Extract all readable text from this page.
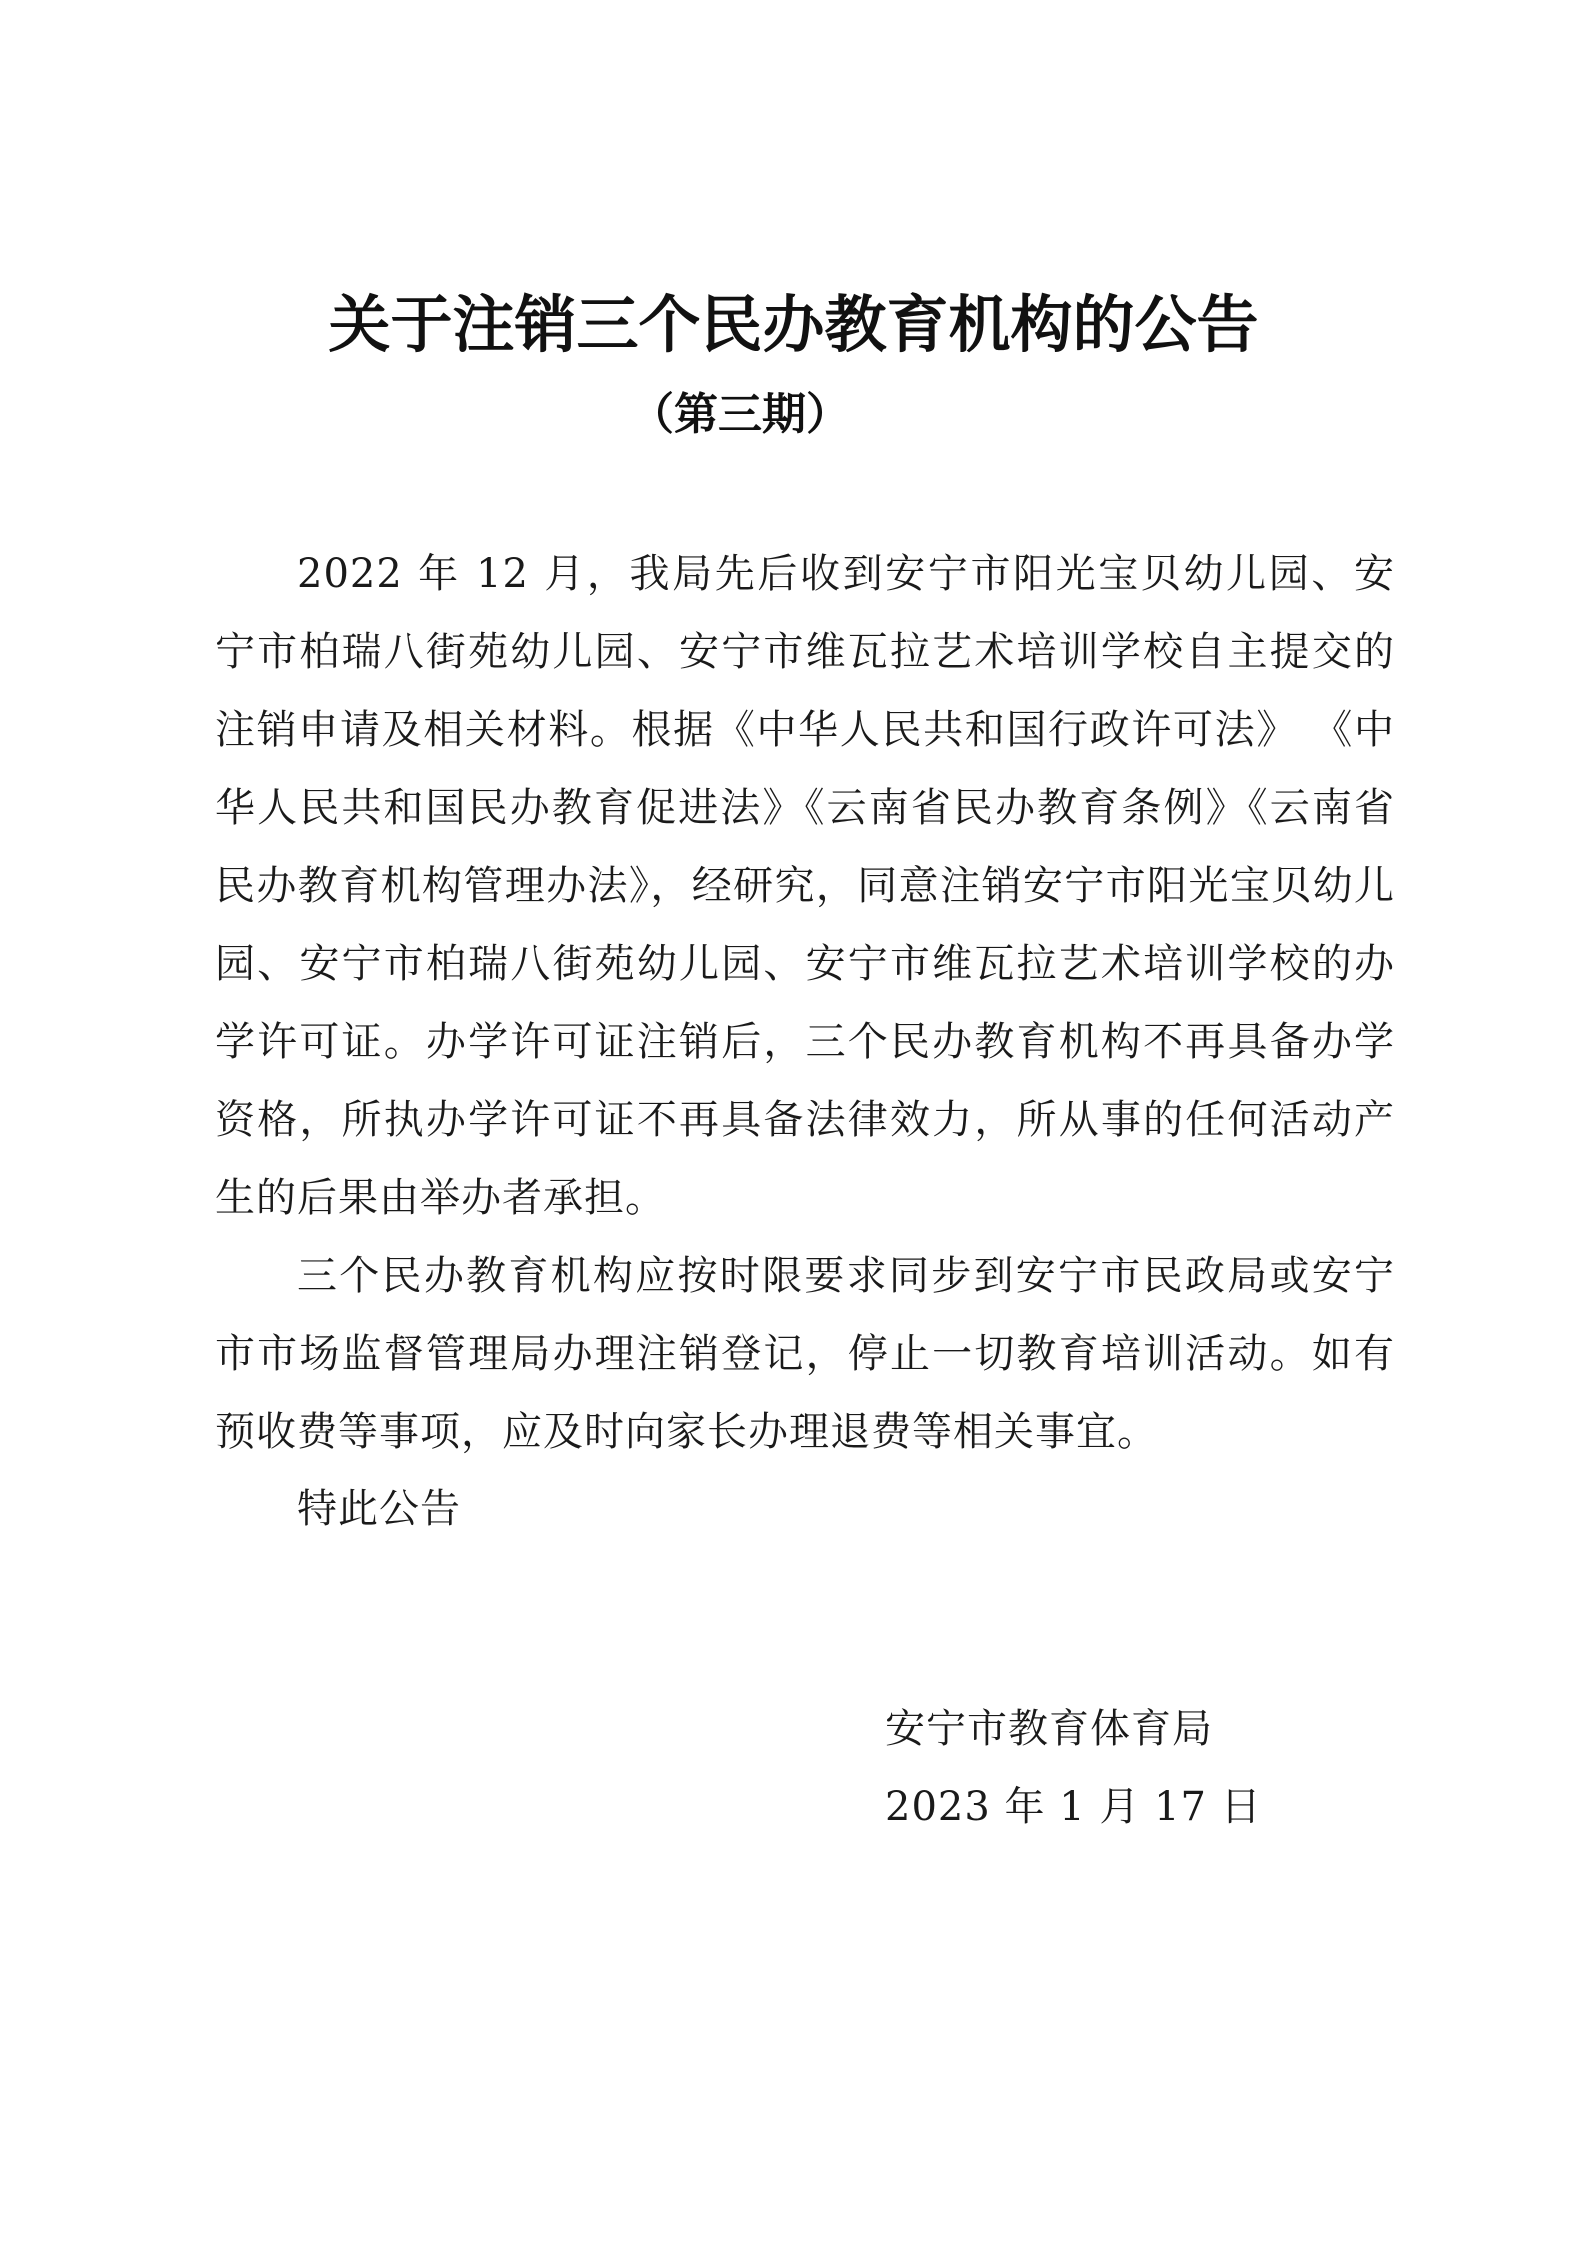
关于注销三个民办教育机构的公告
（第三期）

2022 年 12 月，我局先后收到安宁市阳光宝贝幼儿园、安宁市柏瑞八街苑幼儿园、安宁市维瓦拉艺术培训学校自主提交的注销申请及相关材料。根据《中华人民共和国行政许可法》 《中华人民共和国民办教育促进法》《云南省民办教育条例》《云南省民办教育机构管理办法》，经研究，同意注销安宁市阳光宝贝幼儿园、安宁市柏瑞八街苑幼儿园、安宁市维瓦拉艺术培训学校的办学许可证。办学许可证注销后，三个民办教育机构不再具备办学资格，所执办学许可证不再具备法律效力，所从事的任何活动产生的后果由举办者承担。

三个民办教育机构应按时限要求同步到安宁市民政局或安宁市市场监督管理局办理注销登记，停止一切教育培训活动。如有预收费等事项，应及时向家长办理退费等相关事宜。

特此公告
安宁市教育体育局
2023 年 1 月 17 日
